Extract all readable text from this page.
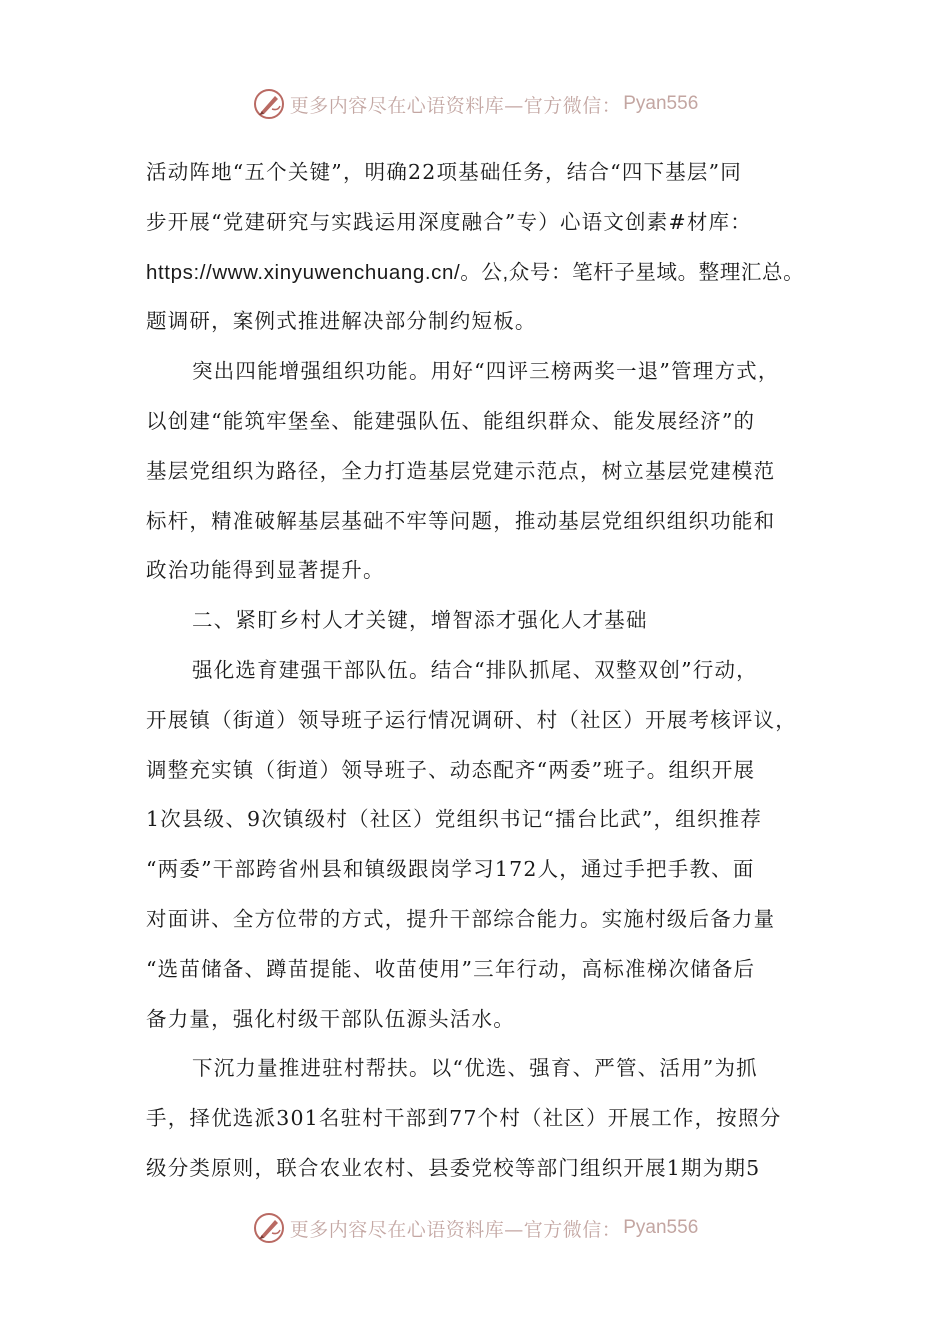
更多内容尽在心语资料库—官方微信： Pyan556

活动阵地“五个关键”，明确22项基础任务，结合“四下基层”同

步开展“党建研究与实践运用深度融合”专）心语文创素#材库：

https://www.xinyuwenchuang.cn/。公,众号：笔杆子星域。整理汇总。

题调研，案例式推进解决部分制约短板。

突出四能增强组织功能。用好“四评三榜两奖一退”管理方式，

以创建“能筑牢堡垒、能建强队伍、能组织群众、能发展经济”的

基层党组织为路径，全力打造基层党建示范点，树立基层党建模范

标杆，精准破解基层基础不牢等问题，推动基层党组织组织功能和

政治功能得到显著提升。

二、紧盯乡村人才关键，增智添才强化人才基础

强化选育建强干部队伍。结合“排队抓尾、双整双创”行动，

开展镇（街道）领导班子运行情况调研、村（社区）开展考核评议，

调整充实镇（街道）领导班子、动态配齐“两委”班子。组织开展

1次县级、9次镇级村（社区）党组织书记“擂台比武”，组织推荐

“两委”干部跨省州县和镇级跟岗学习172人，通过手把手教、面

对面讲、全方位带的方式，提升干部综合能力。实施村级后备力量

“选苗储备、蹲苗提能、收苗使用”三年行动，高标准梯次储备后

备力量，强化村级干部队伍源头活水。

下沉力量推进驻村帮扶。以“优选、强育、严管、活用”为抓

手，择优选派301名驻村干部到77个村（社区）开展工作，按照分

级分类原则，联合农业农村、县委党校等部门组织开展1期为期5

更多内容尽在心语资料库—官方微信： Pyan556
